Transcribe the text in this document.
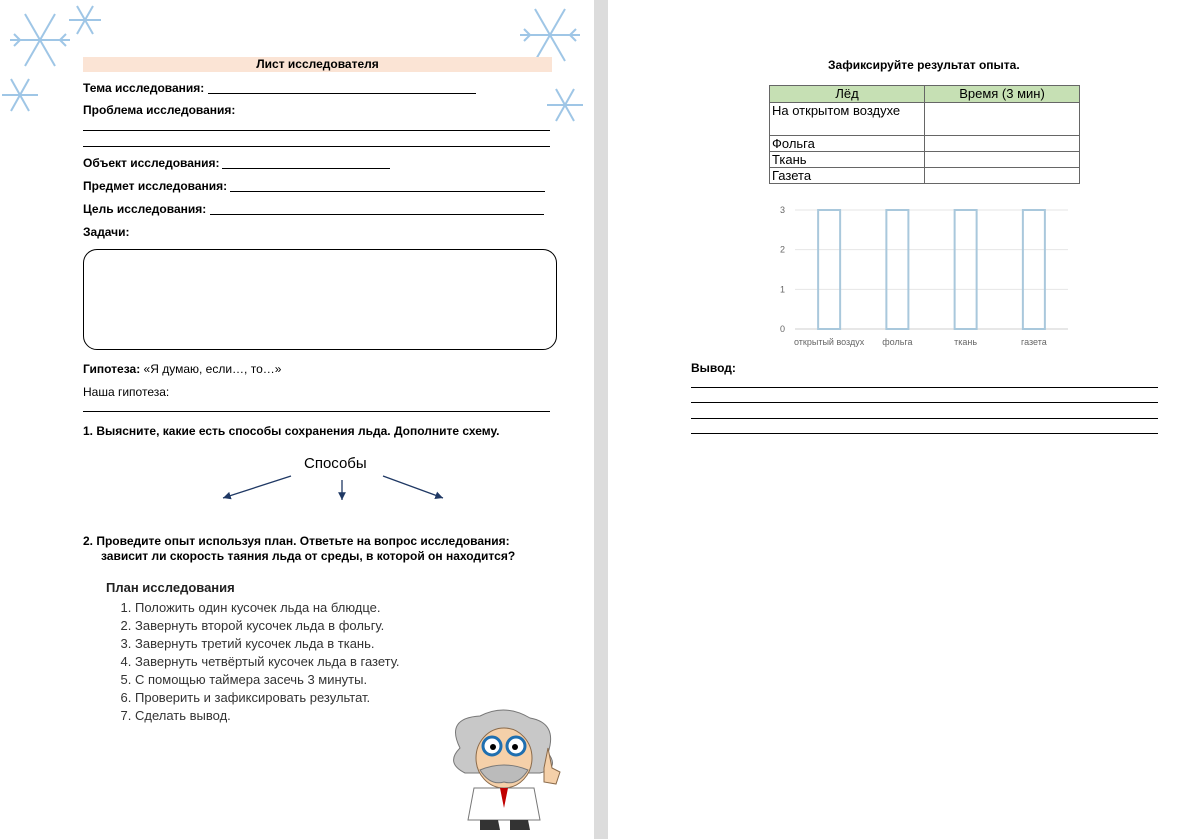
Лист исследователя
Тема исследования:
Проблема исследования:
Объект исследования:
Предмет исследования:
Цель исследования:
Задачи:
Гипотеза: «Я думаю, если…, то…»
Наша гипотеза:
1. Выясните, какие есть способы сохранения льда. Дополните схему.
Способы
2. Проведите опыт используя план. Ответьте на вопрос исследования:
зависит ли скорость таяния льда от среды, в которой он находится?
План исследования
1. Положить один кусочек льда на блюдце.
2. Завернуть второй кусочек льда в фольгу.
3. Завернуть третий кусочек льда в ткань.
4. Завернуть четвёртый кусочек льда в газету.
5. С помощью таймера засечь 3 минуты.
6. Проверить и зафиксировать результат.
7. Сделать вывод.
Зафиксируйте результат опыта.
Лёд	Время (3 мин)
На открытом воздухе	
Фольга	
Ткань	
Газета	
0
1
2
3
открытый воздух фольга	ткань	газета
Вывод:
